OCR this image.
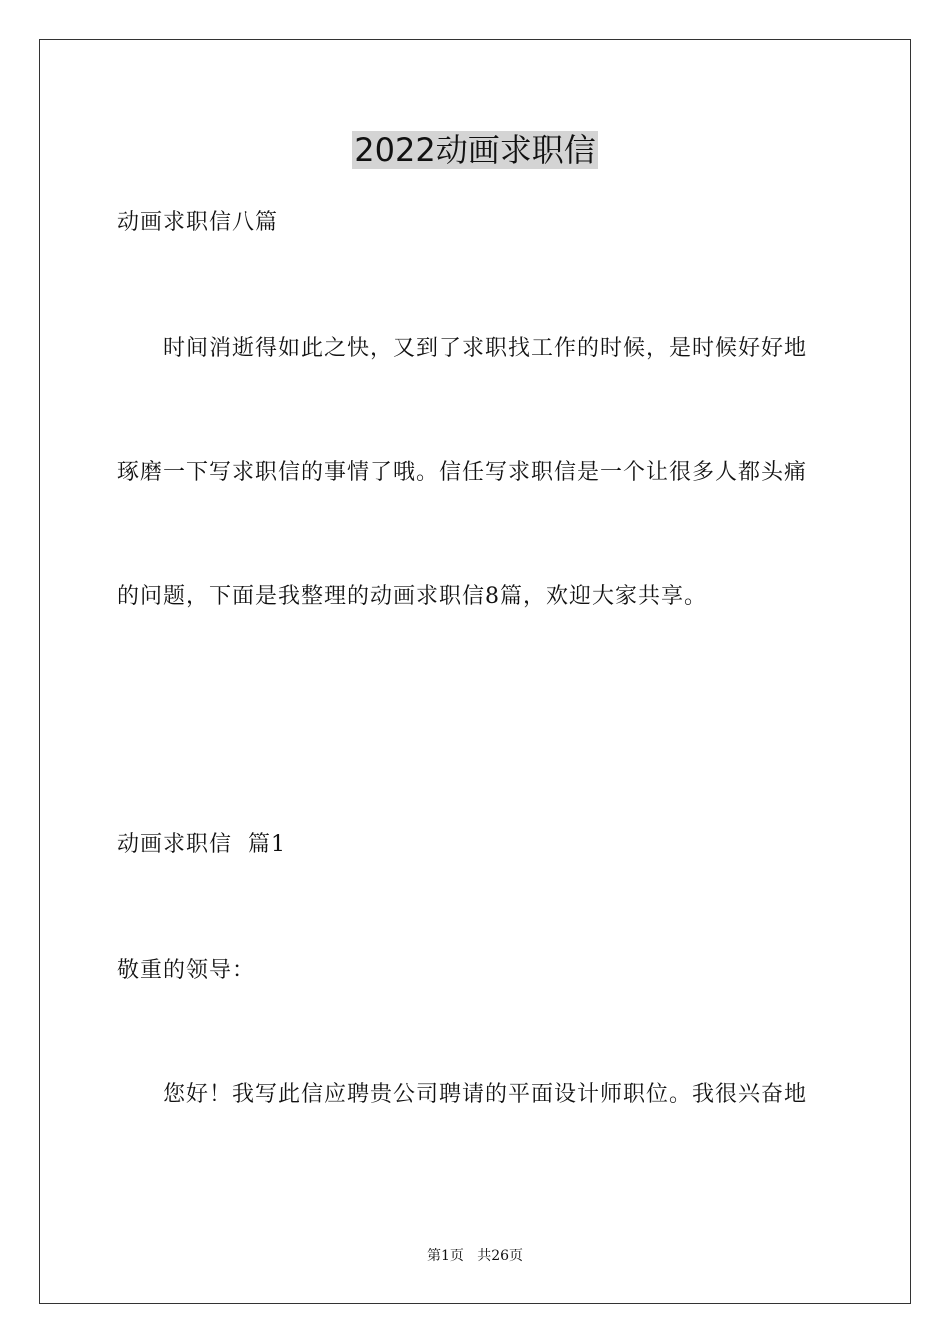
2022动画求职信
动画求职信八篇
时间消逝得如此之快，又到了求职找工作的时候，是时候好好地
琢磨一下写求职信的事情了哦。信任写求职信是一个让很多人都头痛
的问题，下面是我整理的动画求职信8篇，欢迎大家共享。
动画求职信  篇1
敬重的领导：
您好！我写此信应聘贵公司聘请的平面设计师职位。我很兴奋地
第1页   共26页
